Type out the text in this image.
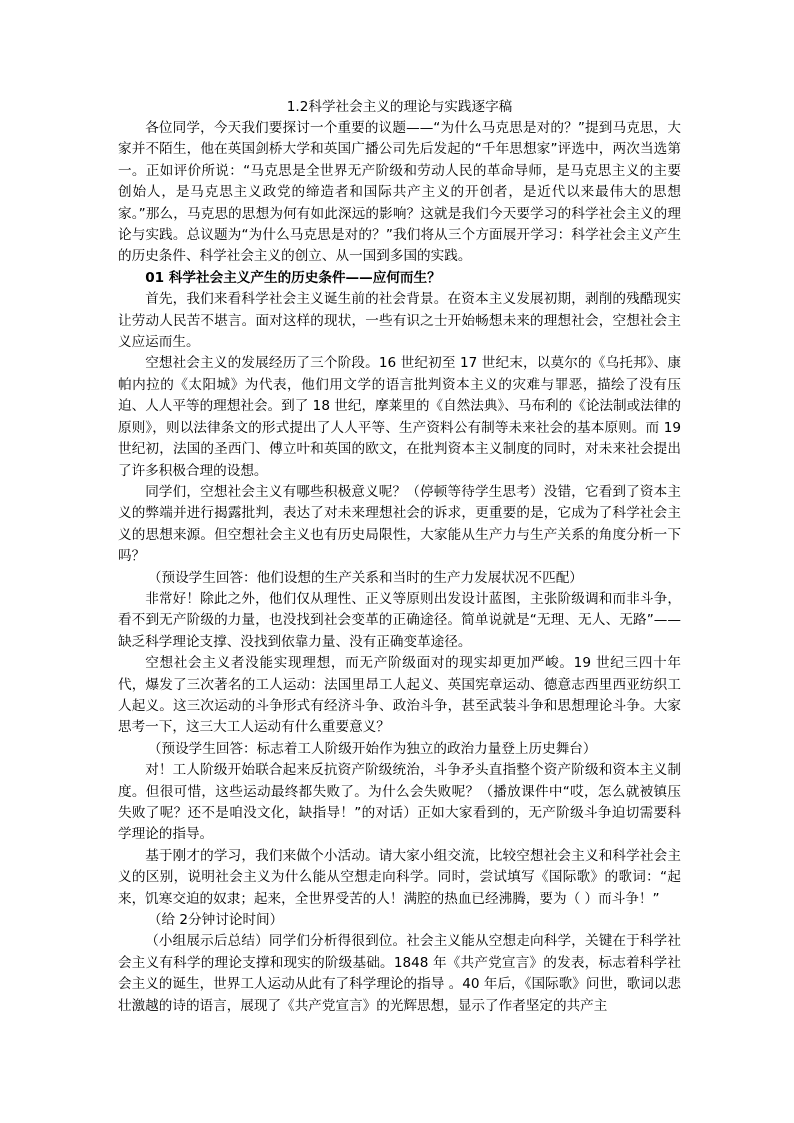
1.2科学社会主义的理论与实践逐字稿

各位同学，今天我们要探讨一个重要的议题——“为什么马克思是对的？”提到马克思，大家并不陌生，他在英国剑桥大学和英国广播公司先后发起的“千年思想家”评选中，两次当选第一。正如评价所说：“马克思是全世界无产阶级和劳动人民的革命导师，是马克思主义的主要创始人，是马克思主义政党的缔造者和国际共产主义的开创者，是近代以来最伟大的思想家。”那么，马克思的思想为何有如此深远的影响？这就是我们今天要学习的科学社会主义的理论与实践。总议题为“为什么马克思是对的？”我们将从三个方面展开学习：科学社会主义产生的历史条件、科学社会主义的创立、从一国到多国的实践。

01 科学社会主义产生的历史条件——应何而生？

首先，我们来看科学社会主义诞生前的社会背景。在资本主义发展初期，剥削的残酷现实让劳动人民苦不堪言。面对这样的现状，一些有识之士开始畅想未来的理想社会，空想社会主义应运而生。

空想社会主义的发展经历了三个阶段。16 世纪初至 17 世纪末，以莫尔的《乌托邦》、康帕内拉的《太阳城》为代表，他们用文学的语言批判资本主义的灾难与罪恶，描绘了没有压迫、人人平等的理想社会。到了 18 世纪，摩莱里的《自然法典》、马布利的《论法制或法律的原则》，则以法律条文的形式提出了人人平等、生产资料公有制等未来社会的基本原则。而 19 世纪初，法国的圣西门、傅立叶和英国的欧文，在批判资本主义制度的同时，对未来社会提出了许多积极合理的设想。

同学们，空想社会主义有哪些积极意义呢？（停顿等待学生思考）没错，它看到了资本主义的弊端并进行揭露批判，表达了对未来理想社会的诉求，更重要的是，它成为了科学社会主义的思想来源。但空想社会主义也有历史局限性，大家能从生产力与生产关系的角度分析一下吗？

（预设学生回答：他们设想的生产关系和当时的生产力发展状况不匹配）

非常好！除此之外，他们仅从理性、正义等原则出发设计蓝图，主张阶级调和而非斗争，看不到无产阶级的力量，也没找到社会变革的正确途径。简单说就是“无理、无人、无路”——缺乏科学理论支撑、没找到依靠力量、没有正确变革途径。

空想社会主义者没能实现理想，而无产阶级面对的现实却更加严峻。19 世纪三四十年代，爆发了三次著名的工人运动：法国里昂工人起义、英国宪章运动、德意志西里西亚纺织工人起义。这三次运动的斗争形式有经济斗争、政治斗争，甚至武装斗争和思想理论斗争。大家思考一下，这三大工人运动有什么重要意义？

（预设学生回答：标志着工人阶级开始作为独立的政治力量登上历史舞台）

对！工人阶级开始联合起来反抗资产阶级统治，斗争矛头直指整个资产阶级和资本主义制度。但很可惜，这些运动最终都失败了。为什么会失败呢？（播放课件中“哎，怎么就被镇压失败了呢？还不是咱没文化，缺指导！”的对话）正如大家看到的，无产阶级斗争迫切需要科学理论的指导。

基于刚才的学习，我们来做个小活动。请大家小组交流，比较空想社会主义和科学社会主义的区别，说明社会主义为什么能从空想走向科学。同时，尝试填写《国际歌》的歌词：“起来，饥寒交迫的奴隶；起来，全世界受苦的人！满腔的热血已经沸腾，要为（ ）而斗争！”

（给 2分钟讨论时间）

（小组展示后总结）同学们分析得很到位。社会主义能从空想走向科学，关键在于科学社会主义有科学的理论支撑和现实的阶级基础。1848 年《共产党宣言》的发表，标志着科学社会主义的诞生，世界工人运动从此有了科学理论的指导 。40 年后，《国际歌》问世，歌词以悲壮激越的诗的语言，展现了《共产党宣言》的光辉思想，显示了作者坚定的共产主
